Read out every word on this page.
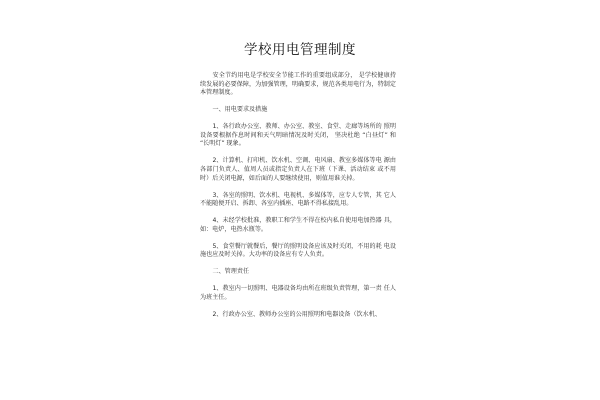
学校用电管理制度

安全节约用电是学校安全节能工作的重要组成部分， 是学校健康持续发展的必要保障，为加强管理，明确要求，规范各类用电行为，特制定本管理制度。

一、用电要求及措施

1、各行政办公室、教师、办公室、教室、食堂、走廊等场所的 照明设备要根据作息时间和天气明暗情况及时关闭， 坚决杜绝 “白昼灯” 和 “长明灯” 现象。

2、计算机、打印机、饮水机、空调、电风扇、教室多媒体等电 源由各部门负责人、值周人员或指定负责人在下班（下课、活动结束 或不用时）后关闭电源，如后面的人要继续使用，则值用谁关掉。

3、各室的照明、饮水机、电视机、多媒体等，应专人专管，其 它人不能随便开启、拆卸、各室内插座、电路不得私接乱用。

4、未经学校批准，教职工和学生不得在校内私自使用电加热器 具，如：电炉，电热水瓶等。

5、食堂餐厅就餐后，餐厅的照明设备应该及时关闭，不用的耗 电设施也应及时关掉。大功率的设备应有专人负责。

二、管理责任

1、教室内一切照明、电器设备均由所在班级负责管理，第一责 任人为班主任。

2、行政办公室、教师办公室的公用照明和电器设备（饮水机、
